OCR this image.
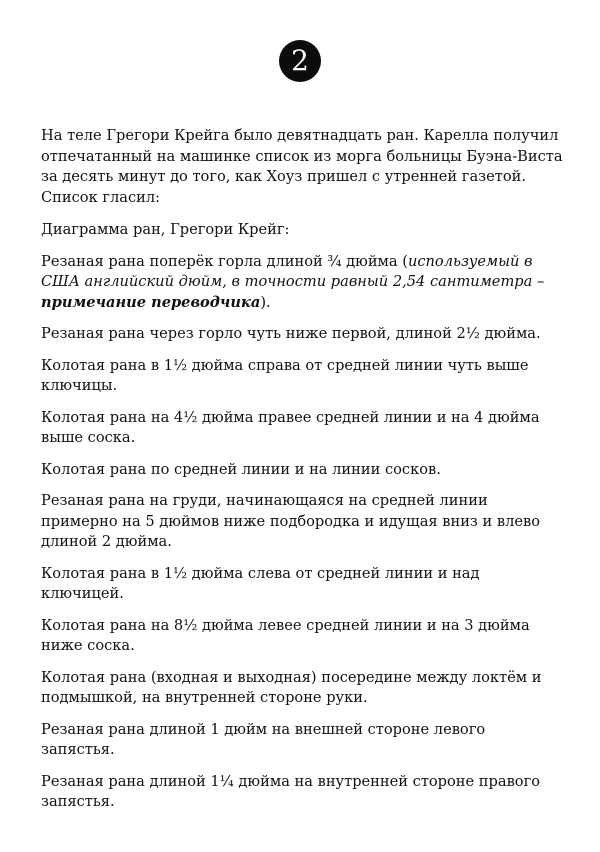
2

На теле Грегори Крейга было девятнадцать ран. Карелла получил отпечатанный на машинке список из морга больницы Буэна-Виста за десять минут до того, как Хоуз пришел с утренней газетой. Список гласил:

Диаграмма ран, Грегори Крейг:

Резаная рана поперёк горла длиной ¾ дюйма (используемый в США английский дюйм, в точности равный 2,54 сантиметра – примечание переводчика).

Резаная рана через горло чуть ниже первой, длиной 2½ дюйма.

Колотая рана в 1½ дюйма справа от средней линии чуть выше ключицы.

Колотая рана на 4½ дюйма правее средней линии и на 4 дюйма выше соска.

Колотая рана по средней линии и на линии сосков.

Резаная рана на груди, начинающаяся на средней линии примерно на 5 дюймов ниже подбородка и идущая вниз и влево длиной 2 дюйма.

Колотая рана в 1½ дюйма слева от средней линии и над ключицей.

Колотая рана на 8½ дюйма левее средней линии и на 3 дюйма ниже соска.

Колотая рана (входная и выходная) посередине между локтём и подмышкой, на внутренней стороне руки.

Резаная рана длиной 1 дюйм на внешней стороне левого запястья.

Резаная рана длиной 1¼ дюйма на внутренней стороне правого запястья.
